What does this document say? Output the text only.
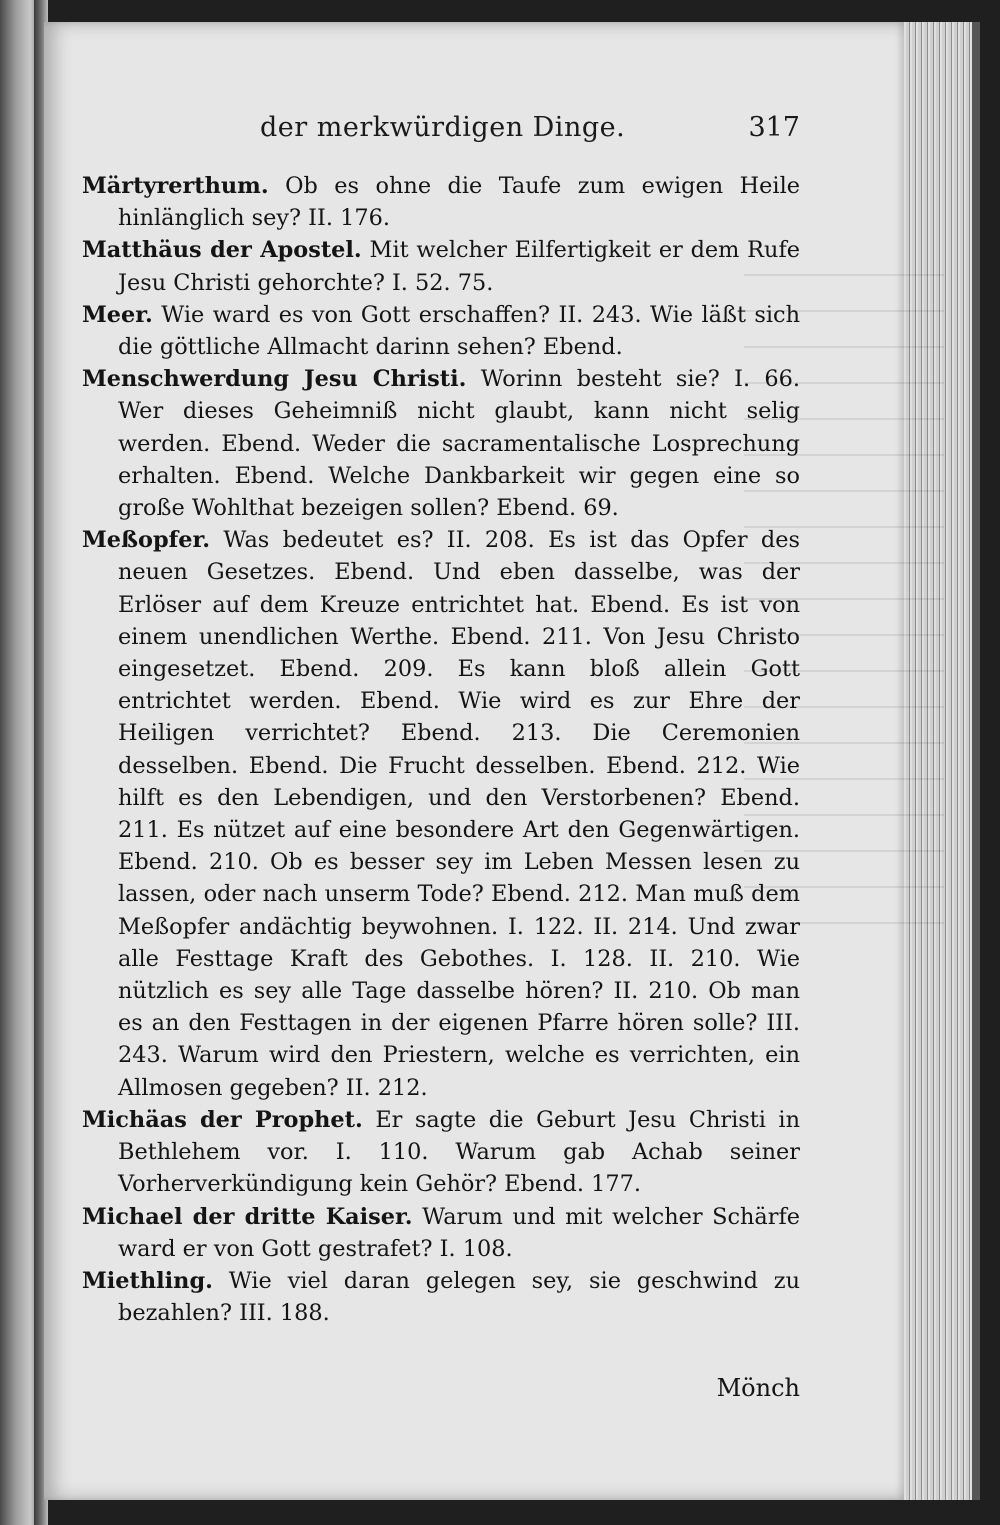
der merkwürdigen Dinge.	317

Märtyrerthum. Ob es ohne die Taufe zum ewigen Heile hinlänglich sey? II. 176.

Matthäus der Apostel. Mit welcher Eilfertigkeit er dem Rufe Jesu Christi gehorchte? I. 52. 75.

Meer. Wie ward es von Gott erschaffen? II. 243. Wie läßt sich die göttliche Allmacht darinn sehen? Ebend.

Menschwerdung Jesu Christi. Worinn besteht sie? I. 66. Wer dieses Geheimniß nicht glaubt, kann nicht selig werden. Ebend. Weder die sacramentalische Losprechung erhalten. Ebend. Welche Dankbarkeit wir gegen eine so große Wohlthat bezeigen sollen? Ebend. 69.

Meßopfer. Was bedeutet es? II. 208. Es ist das Opfer des neuen Gesetzes. Ebend. Und eben dasselbe, was der Erlöser auf dem Kreuze entrichtet hat. Ebend. Es ist von einem unendlichen Werthe. Ebend. 211. Von Jesu Christo eingesetzet. Ebend. 209. Es kann bloß allein Gott entrichtet werden. Ebend. Wie wird es zur Ehre der Heiligen verrichtet? Ebend. 213. Die Ceremonien desselben. Ebend. Die Frucht desselben. Ebend. 212. Wie hilft es den Lebendigen, und den Verstorbenen? Ebend. 211. Es nützet auf eine besondere Art den Gegenwärtigen. Ebend. 210. Ob es besser sey im Leben Messen lesen zu lassen, oder nach unserm Tode? Ebend. 212. Man muß dem Meßopfer andächtig beywohnen. I. 122. II. 214. Und zwar alle Festtage Kraft des Gebothes. I. 128. II. 210. Wie nützlich es sey alle Tage dasselbe hören? II. 210. Ob man es an den Festtagen in der eigenen Pfarre hören solle? III. 243. Warum wird den Priestern, welche es verrichten, ein Allmosen gegeben? II. 212.

Michäas der Prophet. Er sagte die Geburt Jesu Christi in Bethlehem vor. I. 110. Warum gab Achab seiner Vorherverkündigung kein Gehör? Ebend. 177.

Michael der dritte Kaiser. Warum und mit welcher Schärfe ward er von Gott gestrafet? I. 108.

Miethling. Wie viel daran gelegen sey, sie geschwind zu bezahlen? III. 188.

Mönch
